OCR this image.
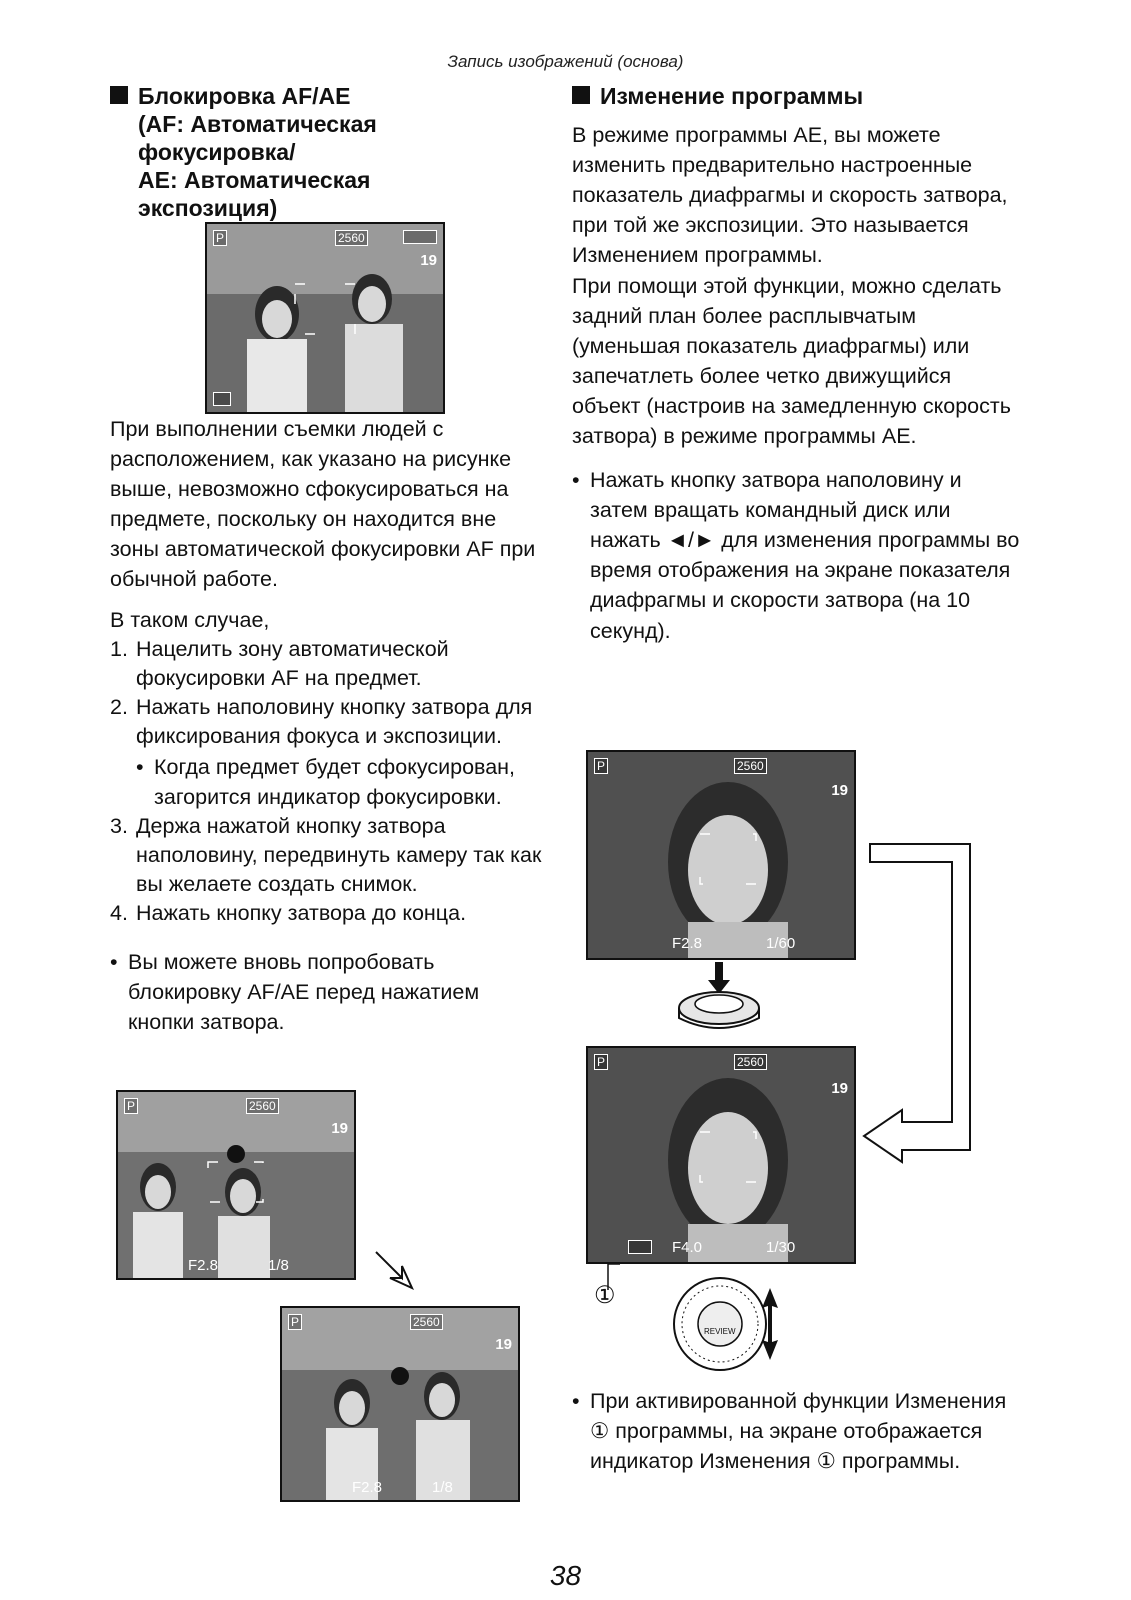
Запись изображений (основа)
Блокировка AF/AE
(AF: Автоматическая
фокусировка/
AE: Автоматическая
экспозиция)
P	2560
19

При выполнении съемки людей с расположением, как указано на рисунке выше, невозможно сфокусироваться на предмете, поскольку он находится вне зоны автоматической фокусировки AF при обычной работе.

В таком случае,

1. Нацелить зону автоматической фокусировки AF на предмет.
2. Нажать наполовину кнопку затвора для фиксирования фокуса и экспозиции.
• Когда предмет будет сфокусирован, загорится индикатор фокусировки.
3. Держа нажатой кнопку затвора наполовину, передвинуть камеру так как вы желаете создать снимок.
4. Нажать кнопку затвора до конца.
• Вы можете вновь попробовать блокировку AF/AE перед нажатием кнопки затвора.
P	2560
19
F2.8	1/8
P	2560
19
F2.8	1/8
Изменение программы

В режиме программы AE, вы можете изменить предварительно настроенные показатель диафрагмы и скорость затвора, при той же экспозиции. Это называется Изменением программы.

При помощи этой функции, можно сделать задний план более расплывчатым (уменьшая показатель диафрагмы) или запечатлеть более четко движущийся объект (настроив на замедленную скорость затвора) в режиме программы AE.

• Нажать кнопку затвора наполовину и затем вращать командный диск или нажать ◄/► для изменения программы во время отображения на экране показателя диафрагмы и скорости затвора (на 10 секунд).
P	2560
19
F2.8	1/60
P	2560
19
F4.0	1/30
①
REVIEW
• При активированной функции Изменения ① программы, на экране отображается индикатор Изменения ① программы.
38
